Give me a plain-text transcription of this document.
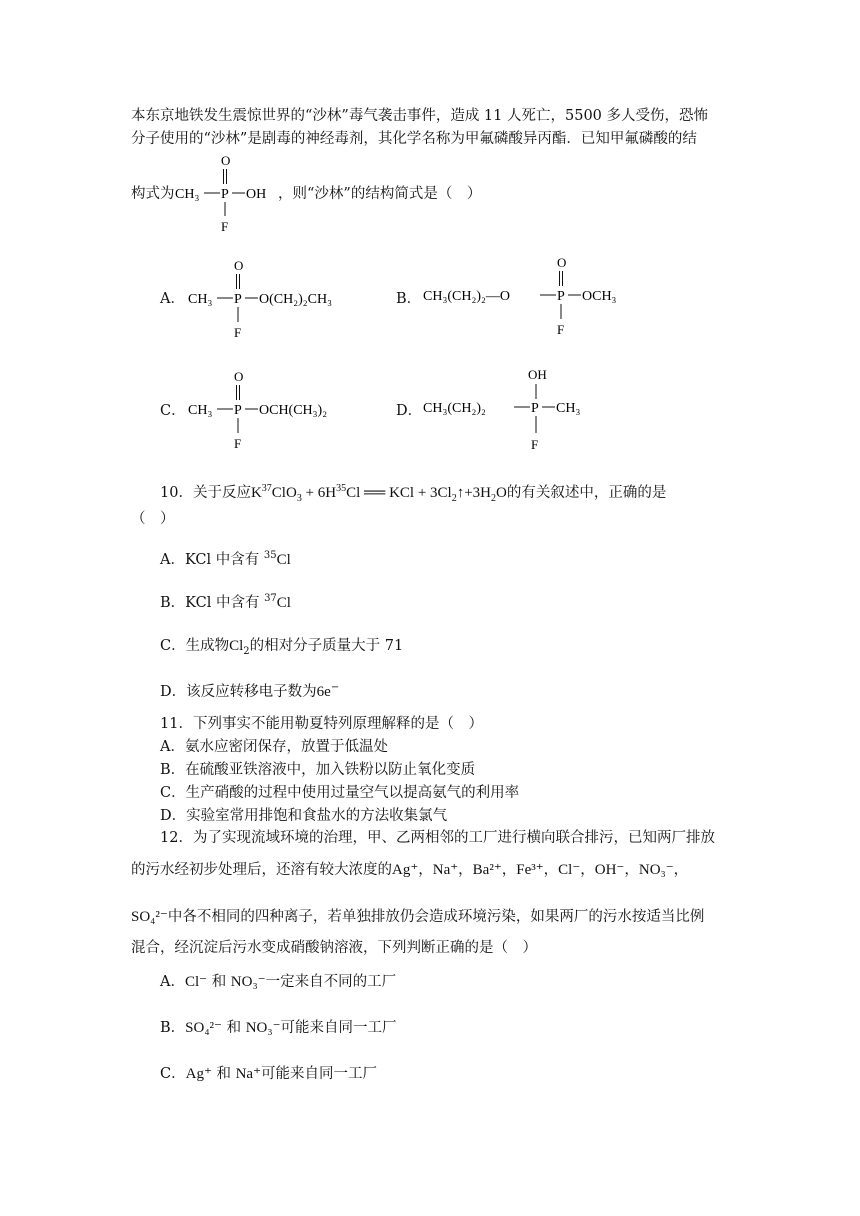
本东京地铁发生震惊世界的“沙林”毒气袭击事件，造成 11 人死亡，5500 多人受伤，恐怖
分子使用的“沙林”是剧毒的神经毒剂，其化学名称为甲氟磷酸异丙酯．已知甲氟磷酸的结
构式为	，则“沙林”的结构简式是（　）
O
CH₃ P OH
F
A．
O
CH₃ P O(CH₂)₂CH₃
F
B．
O
CH₃(CH₂)₂—O	P OCH₃
F
C．
O
CH₃ P OCH(CH₃)₂
F
D．
OH
CH₃(CH₂)₂	P CH₃
F
10．关于反应$K^{37}ClO_3 + 6H^{35}Cl$ ══ KCl + $3Cl_2↑+3H_2O$的有关叙述中，正确的是
（　）
A．KCl 中含有 $^{35}$Cl
B．KCl 中含有 $^{37}$Cl
C．生成物$Cl_2$的相对分子质量大于 71
D．该反应转移电子数为6e−
11．下列事实不能用勒夏特列原理解释的是（　）
A．氨水应密闭保存，放置于低温处
B．在硫酸亚铁溶液中，加入铁粉以防止氧化变质
C．生产硝酸的过程中使用过量空气以提高氨气的利用率
D．实验室常用排饱和食盐水的方法收集氯气
12．为了实现流域环境的治理，甲、乙两相邻的工厂进行横向联合排污，已知两厂排放
的污水经初步处理后，还溶有较大浓度的Ag⁺，Na⁺，Ba²⁺，Fe³⁺，Cl⁻，OH⁻，NO₃⁻，
SO₄²⁻中各不相同的四种离子，若单独排放仍会造成环境污染，如果两厂的污水按适当比例
混合，经沉淀后污水变成硝酸钠溶液，下列判断正确的是（　）
A．Cl⁻ 和 NO₃⁻一定来自不同的工厂
B．SO₄²⁻ 和 NO₃⁻可能来自同一工厂
C．Ag⁺ 和 Na⁺可能来自同一工厂
